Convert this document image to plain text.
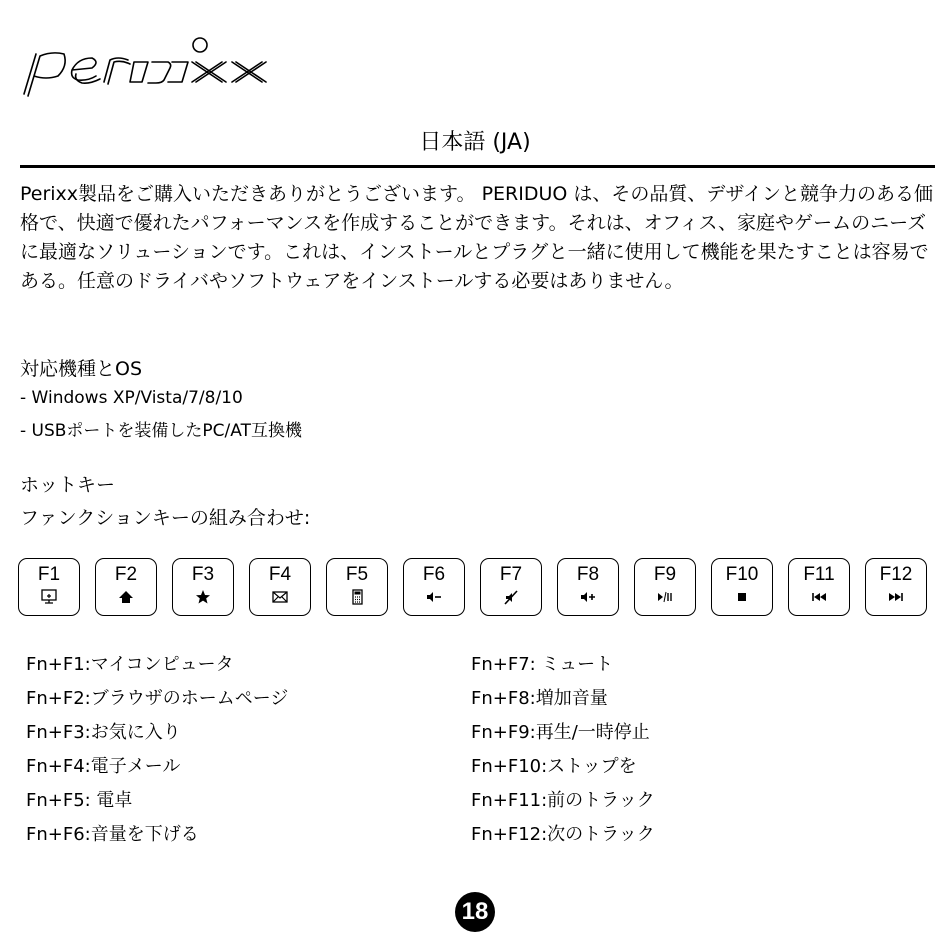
日本語 (JA)
Perixx製品をご購入いただきありがとうございます。 PERIDUO は、その品質、デザインと競争力のある価格で、快適で優れたパフォーマンスを作成することができます。それは、オフィス、家庭やゲームのニーズに最適なソリューションです。これは、インストールとプラグと一緒に使用して機能を果たすことは容易である。任意のドライバやソフトウェアをインストールする必要はありません。
対応機種とOS
- Windows XP/Vista/7/8/10
- USBポートを装備したPC/AT互換機
ホットキー
ファンクションキーの組み合わせ:
F1	F2	F3	F4	F5	F6	F7	F8	F9	F10	F11	F12
Fn+F1:マイコンピュータ
Fn+F2:ブラウザのホームページ
Fn+F3:お気に入り
Fn+F4:電子メール
Fn+F5: 電卓
Fn+F6:音量を下げる
Fn+F7: ミュート
Fn+F8:増加音量
Fn+F9:再生/一時停止
Fn+F10:ストップを
Fn+F11:前のトラック
Fn+F12:次のトラック
18
